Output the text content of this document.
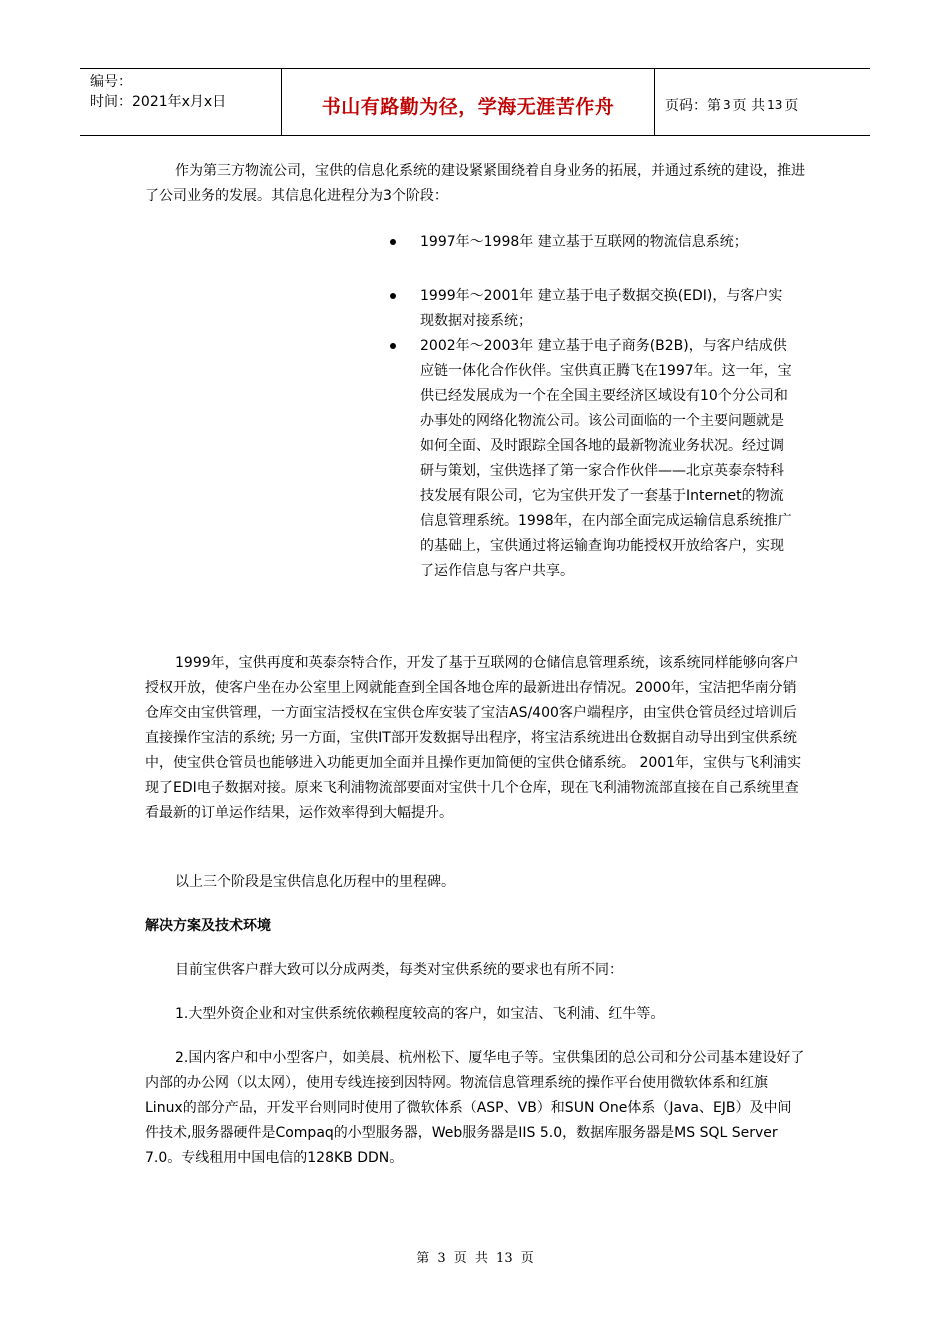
编号：
时间：2021年x月x日	书山有路勤为径，学海无涯苦作舟	页码：第 3 页 共 13 页
作为第三方物流公司，宝供的信息化系统的建设紧紧围绕着自身业务的拓展，并通过系统的建设，推进了公司业务的发展。其信息化进程分为3个阶段：
1997年～1998年 建立基于互联网的物流信息系统；
1999年～2001年 建立基于电子数据交换(EDI)，与客户实现数据对接系统；
2002年～2003年 建立基于电子商务(B2B)，与客户结成供应链一体化合作伙伴。宝供真正腾飞在1997年。这一年，宝供已经发展成为一个在全国主要经济区域设有10个分公司和办事处的网络化物流公司。该公司面临的一个主要问题就是如何全面、及时跟踪全国各地的最新物流业务状况。经过调研与策划，宝供选择了第一家合作伙伴——北京英泰奈特科技发展有限公司，它为宝供开发了一套基于Internet的物流信息管理系统。1998年，在内部全面完成运输信息系统推广的基础上，宝供通过将运输查询功能授权开放给客户，实现了运作信息与客户共享。
1999年，宝供再度和英泰奈特合作，开发了基于互联网的仓储信息管理系统，该系统同样能够向客户授权开放，使客户坐在办公室里上网就能查到全国各地仓库的最新进出存情况。2000年，宝洁把华南分销仓库交由宝供管理，一方面宝洁授权在宝供仓库安装了宝洁AS/400客户端程序，由宝供仓管员经过培训后直接操作宝洁的系统; 另一方面，宝供IT部开发数据导出程序，将宝洁系统进出仓数据自动导出到宝供系统中，使宝供仓管员也能够进入功能更加全面并且操作更加简便的宝供仓储系统。 2001年，宝供与飞利浦实现了EDI电子数据对接。原来飞利浦物流部要面对宝供十几个仓库，现在飞利浦物流部直接在自己系统里查看最新的订单运作结果，运作效率得到大幅提升。
以上三个阶段是宝供信息化历程中的里程碑。
解决方案及技术环境
目前宝供客户群大致可以分成两类，每类对宝供系统的要求也有所不同：
1.大型外资企业和对宝供系统依赖程度较高的客户，如宝洁、飞利浦、红牛等。
2.国内客户和中小型客户，如美晨、杭州松下、厦华电子等。宝供集团的总公司和分公司基本建设好了内部的办公网（以太网），使用专线连接到因特网。物流信息管理系统的操作平台使用微软体系和红旗Linux的部分产品，开发平台则同时使用了微软体系（ASP、VB）和SUN One体系（Java、EJB）及中间件技术,服务器硬件是Compaq的小型服务器，Web服务器是IIS 5.0，数据库服务器是MS SQL Server 7.0。专线租用中国电信的128KB DDN。
第 3 页 共 13 页
